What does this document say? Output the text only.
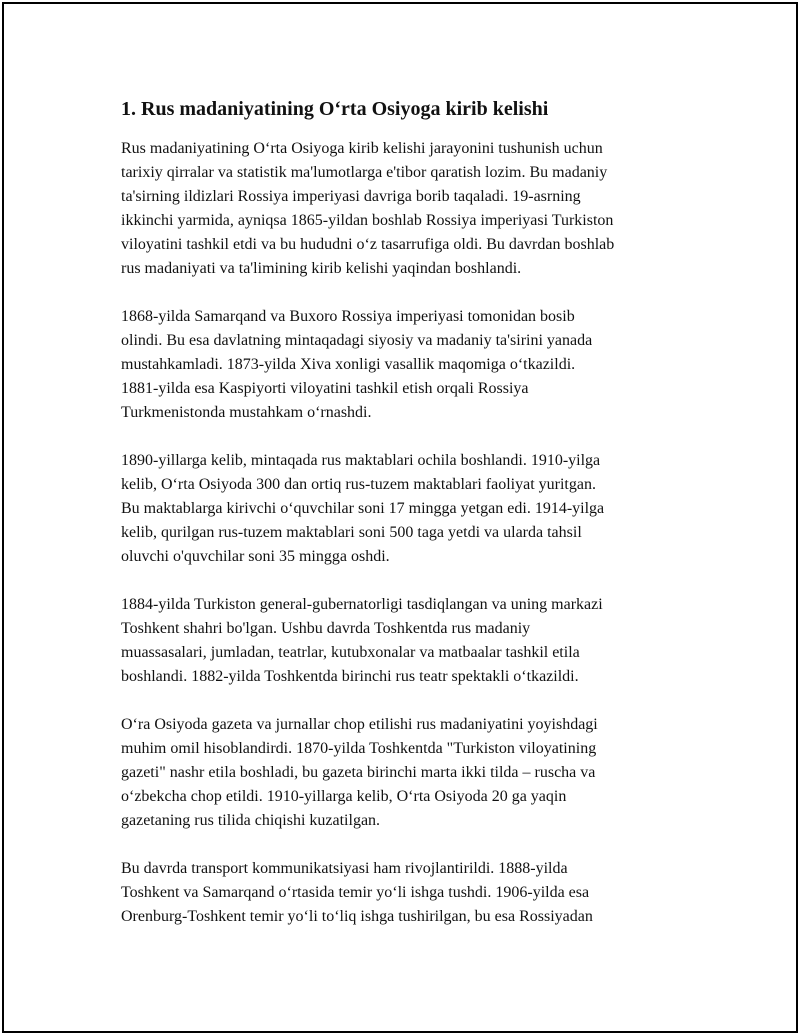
1. Rus madaniyatining O‘rta Osiyoga kirib kelishi

Rus madaniyatining O‘rta Osiyoga kirib kelishi jarayonini tushunish uchun
tarixiy qirralar va statistik ma'lumotlarga e'tibor qaratish lozim. Bu madaniy
ta'sirning ildizlari Rossiya imperiyasi davriga borib taqaladi. 19-asrning
ikkinchi yarmida, ayniqsa 1865-yildan boshlab Rossiya imperiyasi Turkiston
viloyatini tashkil etdi va bu hududni o‘z tasarrufiga oldi. Bu davrdan boshlab
rus madaniyati va ta'limining kirib kelishi yaqindan boshlandi.

1868-yilda Samarqand va Buxoro Rossiya imperiyasi tomonidan bosib
olindi. Bu esa davlatning mintaqadagi siyosiy va madaniy ta'sirini yanada
mustahkamladi. 1873-yilda Xiva xonligi vasallik maqomiga o‘tkazildi.
1881-yilda esa Kaspiyorti viloyatini tashkil etish orqali Rossiya
Turkmenistonda mustahkam o‘rnashdi.

1890-yillarga kelib, mintaqada rus maktablari ochila boshlandi. 1910-yilga
kelib, O‘rta Osiyoda 300 dan ortiq rus-tuzem maktablari faoliyat yuritgan.
Bu maktablarga kirivchi o‘quvchilar soni 17 mingga yetgan edi. 1914-yilga
kelib, qurilgan rus-tuzem maktablari soni 500 taga yetdi va ularda tahsil
oluvchi o'quvchilar soni 35 mingga oshdi.

1884-yilda Turkiston general-gubernatorligi tasdiqlangan va uning markazi
Toshkent shahri bo'lgan. Ushbu davrda Toshkentda rus madaniy
muassasalari, jumladan, teatrlar, kutubxonalar va matbaalar tashkil etila
boshlandi. 1882-yilda Toshkentda birinchi rus teatr spektakli o‘tkazildi.

O‘ra Osiyoda gazeta va jurnallar chop etilishi rus madaniyatini yoyishdagi
muhim omil hisoblandirdi. 1870-yilda Toshkentda "Turkiston viloyatining
gazeti" nashr etila boshladi, bu gazeta birinchi marta ikki tilda – ruscha va
o‘zbekcha chop etildi. 1910-yillarga kelib, O‘rta Osiyoda 20 ga yaqin
gazetaning rus tilida chiqishi kuzatilgan.

Bu davrda transport kommunikatsiyasi ham rivojlantirildi. 1888-yilda
Toshkent va Samarqand o‘rtasida temir yo‘li ishga tushdi. 1906-yilda esa
Orenburg-Toshkent temir yo‘li to‘liq ishga tushirilgan, bu esa Rossiyadan
